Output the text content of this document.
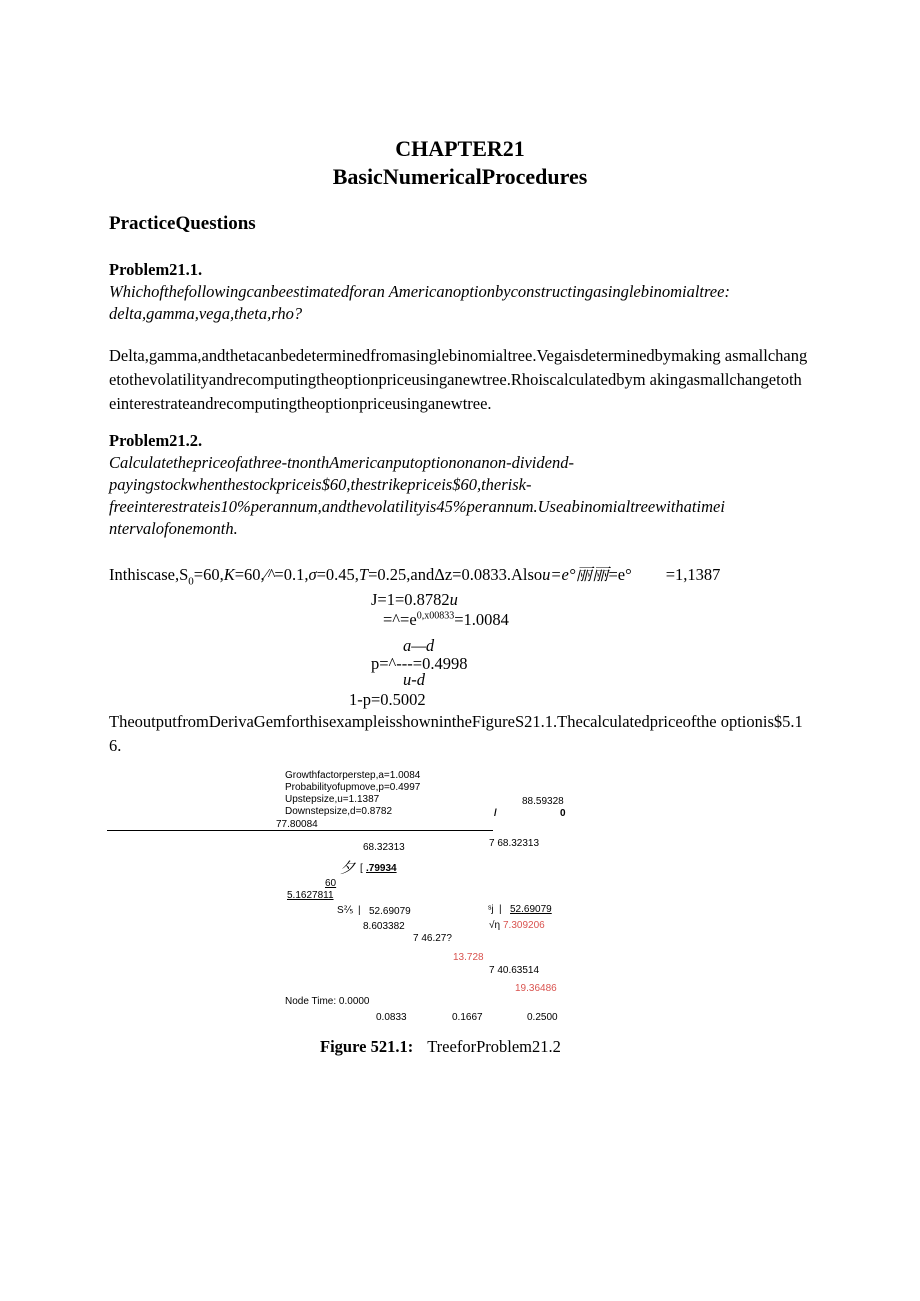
CHAPTER21
BasicNumericalProcedures
PracticeQuestions
Problem21.1.
Whichofthefollowingcanbeestimatedforan Americanoptionbyconstructingasinglebinomialtree:
delta,gamma,vega,theta,rho?
Delta,gamma,andthetacanbedeterminedfromasinglebinomialtree.Vegaisdeterminedbymaking asmallchangetothevolatilityandrecomputingtheoptionpriceusinganewtree.Rhoiscalculatedbym akingasmallchangetotheinterestrateandrecomputingtheoptionpriceusinganewtree.
Problem21.2.
Calculatethepriceofathree-tnonthAmericanputoptiononanon-dividend-
payingstockwhenthestockpriceis$60,thestrikepriceis$60,therisk-
freeinterestrateis10%perannum,andthevolatilityis45%perannum.Useabinomialtreewithatimei
ntervalofonemonth.
$Inthiscase,S_0=60,K=60,⁄\^{}=0.1,\sigma=0.45,T=0.25,and\Delta z=0.0833.Alsou=e^\circ$丽丽=e° =1,1387
J=1=0.8782u
$=\^{}=e^{0,x00833}=1.0084$
a—d
p=^---=0.4998
u-d
1-p=0.5002
TheoutputfromDerivaGemforthisexampleisshownintheFigureS21.1.Thecalculatedpriceofthe optionis$5.16.
Growthfactorperstep,a=1.0084
Probabilityofupmove,p=0.4997
Upstepsize,u=1.1387
Downstepsize,d=0.8782
88.59328
/	0
77.80084
68.32313	7 68.32313
夕 [ .79934
60
5.1627811
S⅖ | 52.69079	ˢj | 52.69079
8.603382	√η 7.309206
7 46.27?
13.728
7 40.63514
19.36486
Node Time: 0.0000
0.0833	0.1667	0.2500
Figure 521.1: TreeforProblem21.2
